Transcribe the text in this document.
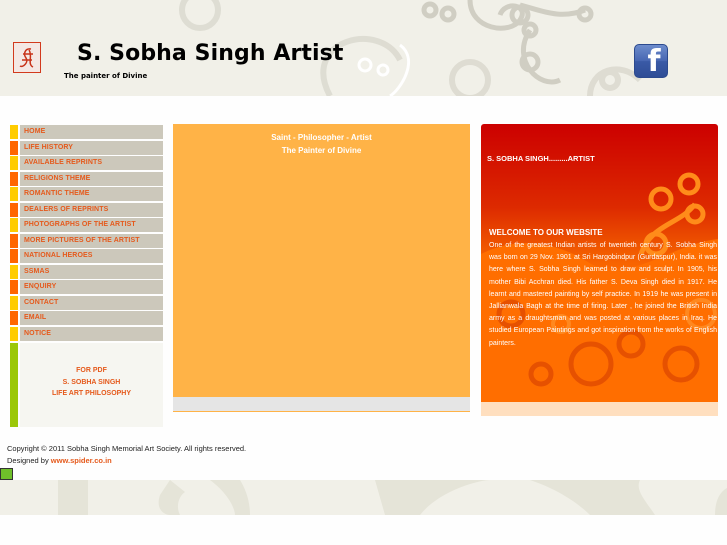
S. Sobha Singh Artist
The painter of Divine	f
HOME
LIFE HISTORY
AVAILABLE REPRINTS
RELIGIONS THEME
ROMANTIC THEME
DEALERS OF REPRINTS
PHOTOGRAPHS OF THE ARTIST
MORE PICTURES OF THE ARTIST
NATIONAL HEROES
SSMAS
ENQUIRY
CONTACT
EMAIL
NOTICE
FOR PDF
S. SOBHA SINGH
LIFE ART PHILOSOPHY
Saint - Philosopher - Artist
The Painter of Divine
S. SOBHA SINGH.........ARTIST
WELCOME TO OUR WEBSITE
One of the greatest Indian artists of twentieth century S. Sobha Singh was born on 29 Nov. 1901 at Sri Hargobindpur (Gurdaspur), India. it was here where S. Sobha Singh learned to draw and sculpt. In 1905, his mother Bibi Acchran died. His father S. Deva Singh died in 1917. He learnt and mastered painting by self practice. In 1919 he was present in Jallianwala Bagh at the time of firing. Later , he joined the British India army as a draughtsman and was posted at various places in Iraq. He studied European Paintings and got inspiration from the works of English painters.
Copyright © 2011 Sobha Singh Memorial Art Society. All rights reserved.
Designed by www.spider.co.in
